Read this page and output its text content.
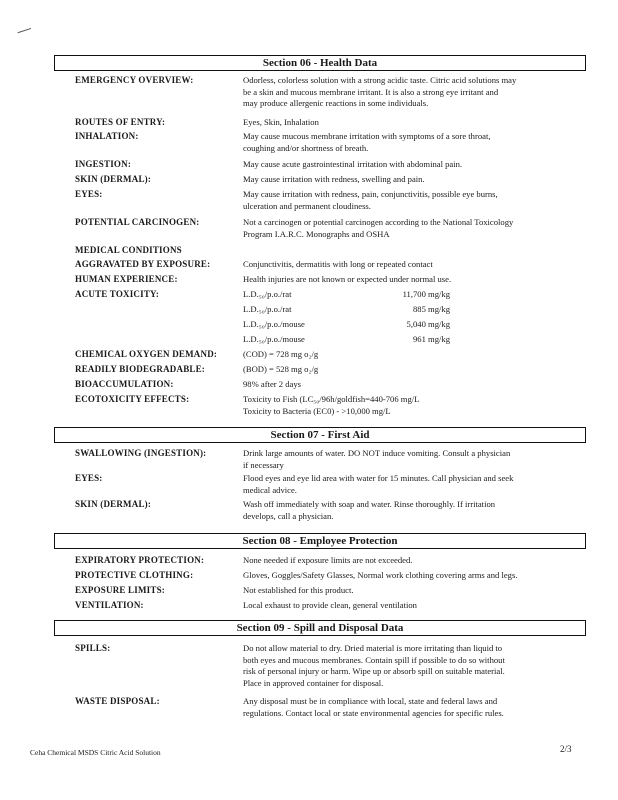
Section 06 - Health Data
EMERGENCY OVERVIEW:	Odorless, colorless solution with a strong acidic taste. Citric acid solutions may
be a skin and mucous membrane irritant. It is also a strong eye irritant and
may produce allergenic reactions in some individuals.
ROUTES OF ENTRY:	Eyes, Skin, Inhalation
INHALATION:	May cause mucous membrane irritation with symptoms of a sore throat,
coughing and/or shortness of breath.
INGESTION:	May cause acute gastrointestinal irritation with abdominal pain.
SKIN (DERMAL):	May cause irritation with redness, swelling and pain.
EYES:	May cause irritation with redness, pain, conjunctivitis, possible eye burns,
ulceration and permanent cloudiness.
POTENTIAL CARCINOGEN:	Not a carcinogen or potential carcinogen according to the National Toxicology
Program I.A.R.C. Monographs and OSHA
MEDICAL CONDITIONS
AGGRAVATED BY EXPOSURE:	Conjunctivitis, dermatitis with long or repeated contact
HUMAN EXPERIENCE:	Health injuries are not known or expected under normal use.
ACUTE TOXICITY:	L.D.₅₀/p.o./rat	11,700 mg/kg
L.D.₅₀/p.o./rat	885 mg/kg
L.D.₅₀/p.o./mouse	5,040 mg/kg
L.D.₅₀/p.o./mouse	961 mg/kg
CHEMICAL OXYGEN DEMAND:	(COD) = 728 mg o₂/g
READILY BIODEGRADABLE:	(BOD) = 528 mg o₂/g
BIOACCUMULATION:	98% after 2 days
ECOTOXICITY EFFECTS:	Toxicity to Fish (LC₅₀/96h/goldfish=440-706 mg/L
Toxicity to Bacteria (EC0) - >10,000 mg/L
Section 07 - First Aid
SWALLOWING (INGESTION):	Drink large amounts of water. DO NOT induce vomiting. Consult a physician
if necessary
EYES:	Flood eyes and eye lid area with water for 15 minutes. Call physician and seek
medical advice.
SKIN (DERMAL):	Wash off immediately with soap and water. Rinse thoroughly. If irritation
develops, call a physician.
Section 08 - Employee Protection
EXPIRATORY PROTECTION:	None needed if exposure limits are not exceeded.
PROTECTIVE CLOTHING:	Gloves, Goggles/Safety Glasses, Normal work clothing covering arms and legs.
EXPOSURE LIMITS:	Not established for this product.
VENTILATION:	Local exhaust to provide clean, general ventilation
Section 09 - Spill and Disposal Data
SPILLS:	Do not allow material to dry. Dried material is more irritating than liquid to
both eyes and mucous membranes. Contain spill if possible to do so without
risk of personal injury or harm. Wipe up or absorb spill on suitable material.
Place in approved container for disposal.
WASTE DISPOSAL:	Any disposal must be in compliance with local, state and federal laws and
regulations. Contact local or state environmental agencies for specific rules.
Ceha Chemical MSDS Citric Acid Solution	2/3
